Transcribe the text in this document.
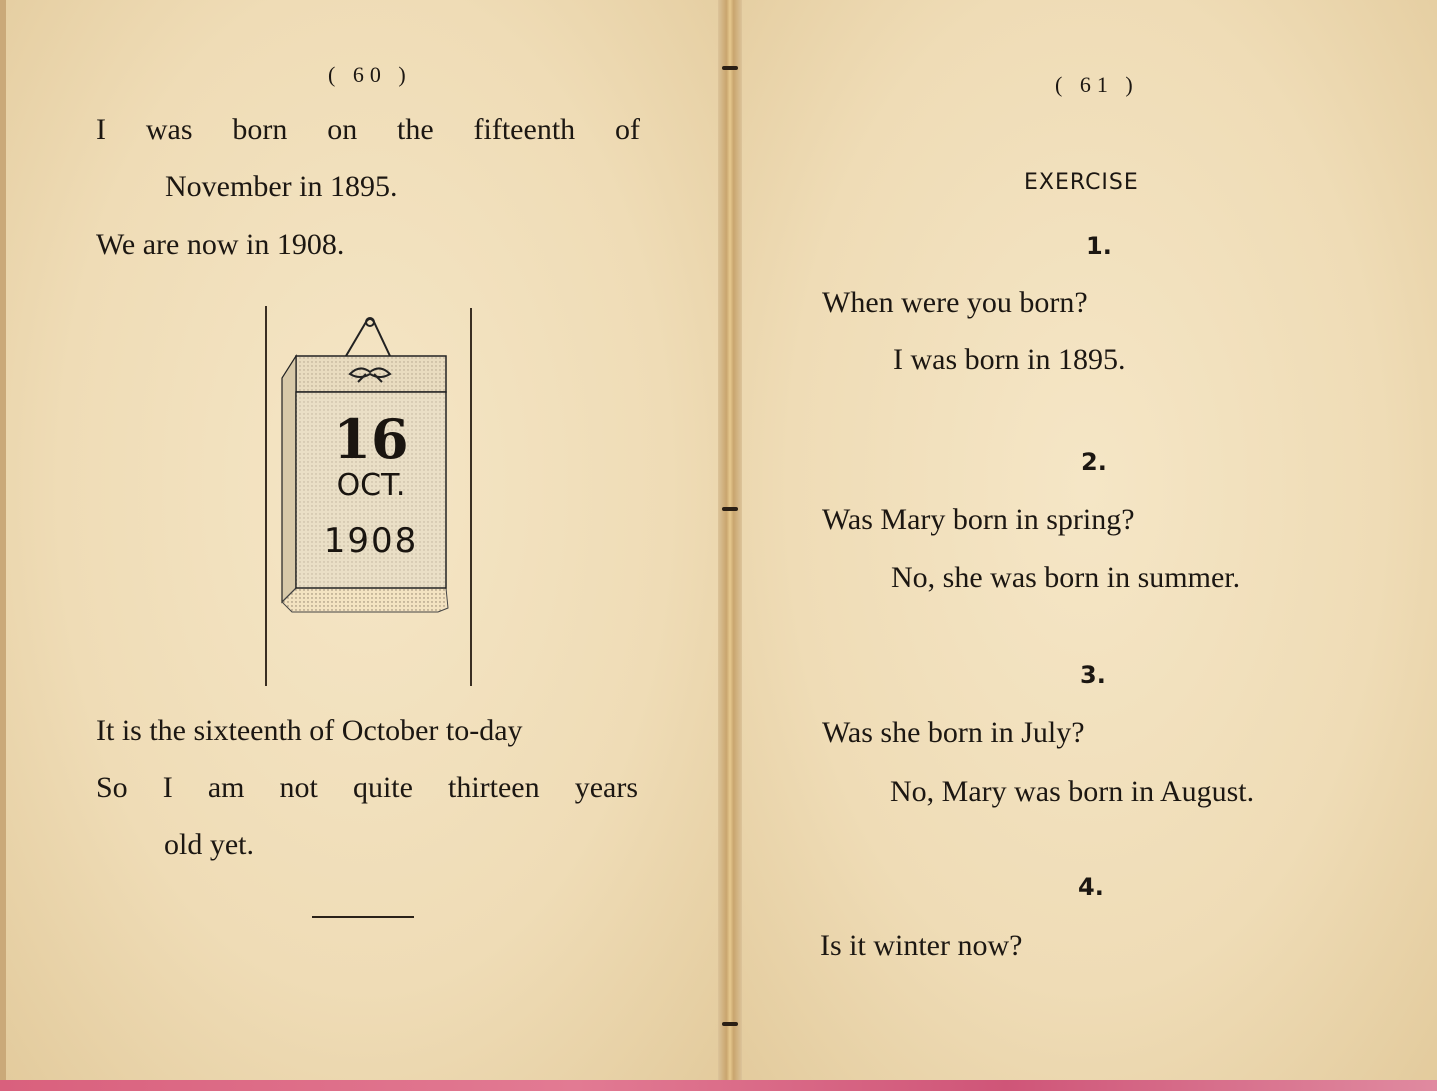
( 60 )
I was born on the fifteenth of
November in 1895.
We are now in 1908.
16
OCT.
1908
It is the sixteenth of October to-day
So I am not quite thirteen years
old yet.
( 61 )
EXERCISE
1.
When were you born?
I was born in 1895.
2.
Was Mary born in spring?
No, she was born in summer.
3.
Was she born in July?
No, Mary was born in August.
4.
Is it winter now?
